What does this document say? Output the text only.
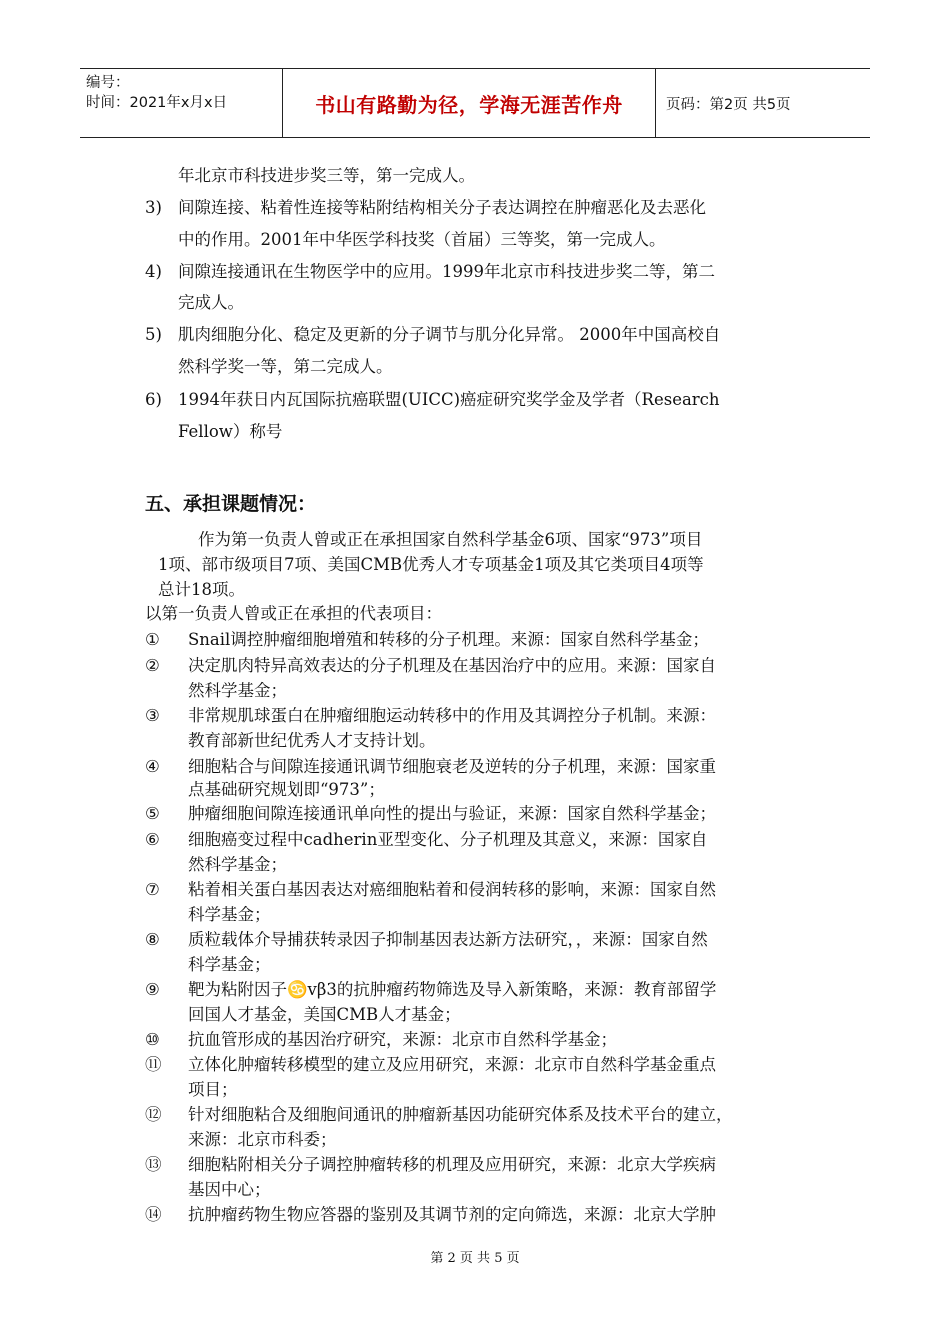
编号：
时间：2021年x月x日	书山有路勤为径，学海无涯苦作舟	页码：第2页 共5页
年北京市科技进步奖三等，第一完成人。
3) 间隙连接、粘着性连接等粘附结构相关分子表达调控在肿瘤恶化及去恶化
中的作用。2001年中华医学科技奖（首届）三等奖，第一完成人。
4) 间隙连接通讯在生物医学中的应用。1999年北京市科技进步奖二等，第二
完成人。
5) 肌肉细胞分化、稳定及更新的分子调节与肌分化异常。 2000年中国高校自
然科学奖一等，第二完成人。
6) 1994年获日内瓦国际抗癌联盟(UICC)癌症研究奖学金及学者（Research
Fellow）称号
五、承担课题情况：
作为第一负责人曾或正在承担国家自然科学基金6项、国家“973”项目
1项、部市级项目7项、美国CMB优秀人才专项基金1项及其它类项目4项等
总计18项。
以第一负责人曾或正在承担的代表项目：
① Snail调控肿瘤细胞增殖和转移的分子机理。来源：国家自然科学基金；
② 决定肌肉特异高效表达的分子机理及在基因治疗中的应用。来源：国家自
然科学基金；
③ 非常规肌球蛋白在肿瘤细胞运动转移中的作用及其调控分子机制。来源：
教育部新世纪优秀人才支持计划。
④ 细胞粘合与间隙连接通讯调节细胞衰老及逆转的分子机理，来源：国家重
点基础研究规划即“973”；
⑤ 肿瘤细胞间隙连接通讯单向性的提出与验证，来源：国家自然科学基金；
⑥ 细胞癌变过程中cadherin亚型变化、分子机理及其意义，来源：国家自
然科学基金；
⑦ 粘着相关蛋白基因表达对癌细胞粘着和侵润转移的影响，来源：国家自然
科学基金；
⑧ 质粒载体介导捕获转录因子抑制基因表达新方法研究，，来源：国家自然
科学基金；
⑨ 靶为粘附因子♋vβ3的抗肿瘤药物筛选及导入新策略，来源：教育部留学
回国人才基金，美国CMB人才基金；
⑩ 抗血管形成的基因治疗研究，来源：北京市自然科学基金；
⑪ 立体化肿瘤转移模型的建立及应用研究，来源：北京市自然科学基金重点
项目；
⑫ 针对细胞粘合及细胞间通讯的肿瘤新基因功能研究体系及技术平台的建立，
来源：北京市科委；
⑬ 细胞粘附相关分子调控肿瘤转移的机理及应用研究，来源：北京大学疾病
基因中心；
⑭ 抗肿瘤药物生物应答器的鉴别及其调节剂的定向筛选，来源：北京大学肿
第 2 页 共 5 页
